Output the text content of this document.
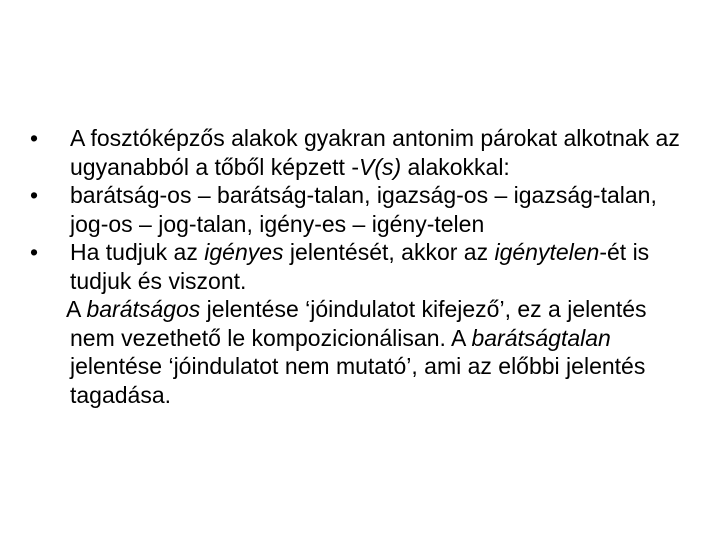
•	A fosztóképzős alakok gyakran antonim párokat alkotnak az ugyanabból a tőből képzett -V(s) alakokkal:
•	barátság-os – barátság-talan, igazság-os – igazság-talan, jog-os – jog-talan, igény-es – igény-telen
•	Ha tudjuk az igényes jelentését, akkor az igénytelen-ét is tudjuk és viszont.
A barátságos jelentése ‘jóindulatot kifejező’, ez a jelentés nem vezethető le kompozicionálisan. A barátságtalan jelentése ‘jóindulatot nem mutató’, ami az előbbi jelentés tagadása.
